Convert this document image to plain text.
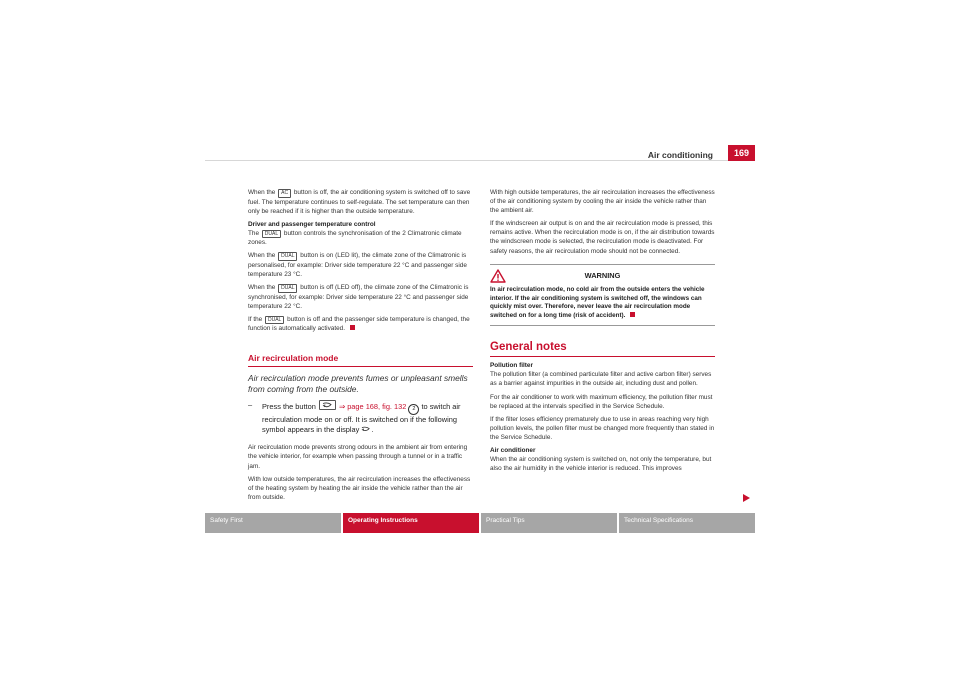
Air conditioning	169

When the AC button is off, the air conditioning system is switched off to save fuel. The temperature continues to self-regulate. The set temperature can then only be reached if it is higher than the outside temperature.

Driver and passenger temperature control

The DUAL button controls the synchronisation of the 2 Climatronic climate zones.

When the DUAL button is on (LED lit), the climate zone of the Climatronic is personalised, for example: Driver side temperature 22 °C and passenger side temperature 23 °C.

When the DUAL button is off (LED off), the climate zone of the Climatronic is synchronised, for example: Driver side temperature 22 °C and passenger side temperature 22 °C.

If the DUAL button is off and the passenger side temperature is changed, the function is automatically activated.

Air recirculation mode
Air recirculation mode prevents fumes or unpleasant smells from coming from the outside.
– Press the button	⇒ page 168, fig. 132 2 to switch air recirculation mode on or off. It is switched on if the following symbol appears in the display .

Air recirculation mode prevents strong odours in the ambient air from entering the vehicle interior, for example when passing through a tunnel or in a traffic jam.

With low outside temperatures, the air recirculation increases the effectiveness of the heating system by heating the air inside the vehicle rather than the air from outside.

With high outside temperatures, the air recirculation increases the effectiveness of the air conditioning system by cooling the air inside the vehicle rather than the ambient air.

If the windscreen air output is on and the air recirculation mode is pressed, this remains active. When the recirculation mode is on, if the air distribution towards the windscreen mode is selected, the recirculation mode is deactivated. For safety reasons, the air recirculation mode should not be connected.

WARNING
In air recirculation mode, no cold air from the outside enters the vehicle interior. If the air conditioning system is switched off, the windows can quickly mist over. Therefore, never leave the air recirculation mode switched on for a long time (risk of accident).
General notes
Pollution filter

The pollution filter (a combined particulate filter and active carbon filter) serves as a barrier against impurities in the outside air, including dust and pollen.

For the air conditioner to work with maximum efficiency, the pollution filter must be replaced at the intervals specified in the Service Schedule.

If the filter loses efficiency prematurely due to use in areas reaching very high pollution levels, the pollen filter must be changed more frequently than stated in the Service Schedule.

Air conditioner

When the air conditioning system is switched on, not only the temperature, but also the air humidity in the vehicle interior is reduced. This improves

Safety First	Operating Instructions	Practical Tips	Technical Specifications
